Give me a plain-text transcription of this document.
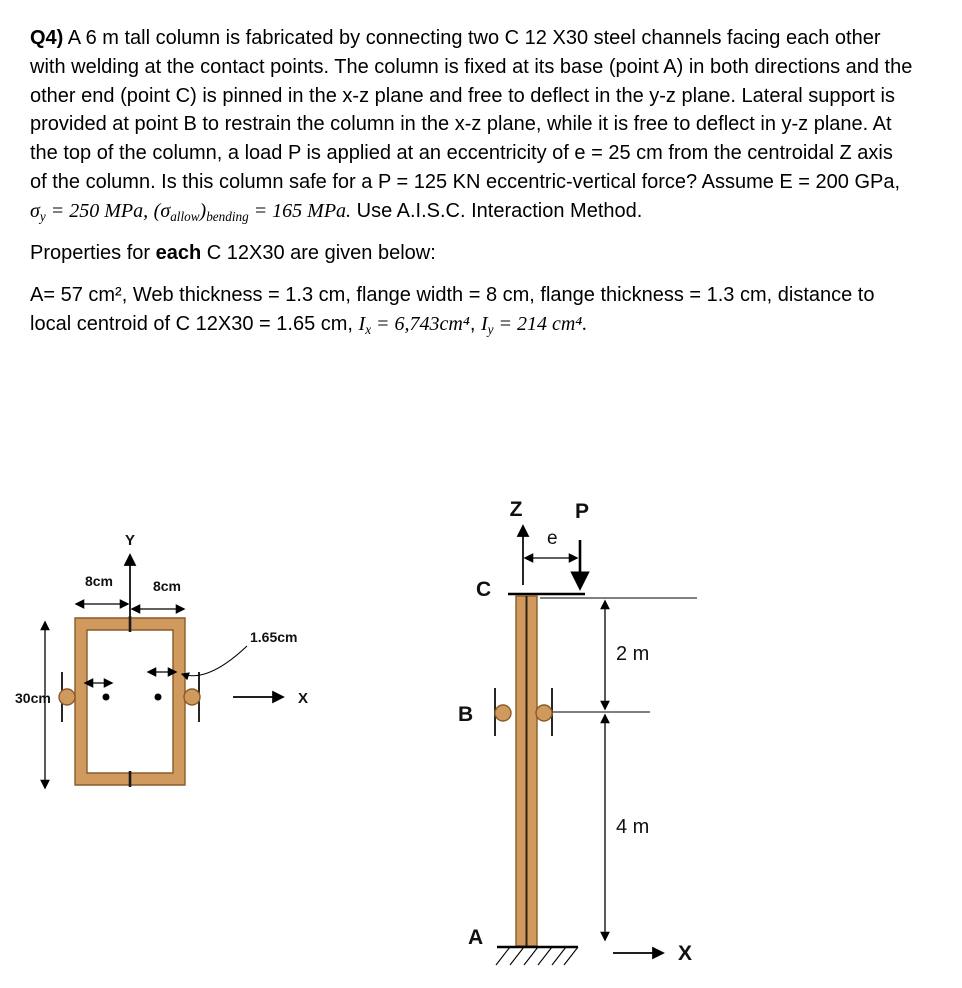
Q4) A 6 m tall column is fabricated by connecting two C 12 X30 steel channels facing each other with welding at the contact points. The column is fixed at its base (point A) in both directions and the other end (point C) is pinned in the x-z plane and free to deflect in the y-z plane. Lateral support is provided at point B to restrain the column in the x-z plane, while it is free to deflect in y-z plane. At the top of the column, a load P is applied at an eccentricity of e = 25 cm from the centroidal Z axis of the column. Is this column safe for a P = 125 KN eccentric-vertical force? Assume E = 200 GPa, $\sigma_y = 250$ MPa, $(\sigma_{allow})_{bending} = 165$ MPa. Use A.I.S.C. Interaction Method.

Properties for each C 12X30 are given below:

A= 57 cm², Web thickness = 1.3 cm, flange width = 8 cm, flange thickness = 1.3 cm, distance to local centroid of C 12X30 = 1.65 cm, $I_x = 6,743cm^4$, $I_y = 214$ cm⁴.

30cm
Y
8cm	8cm
X
1.65cm
Z	P
e
C
2 m
4 m
B
A
X
